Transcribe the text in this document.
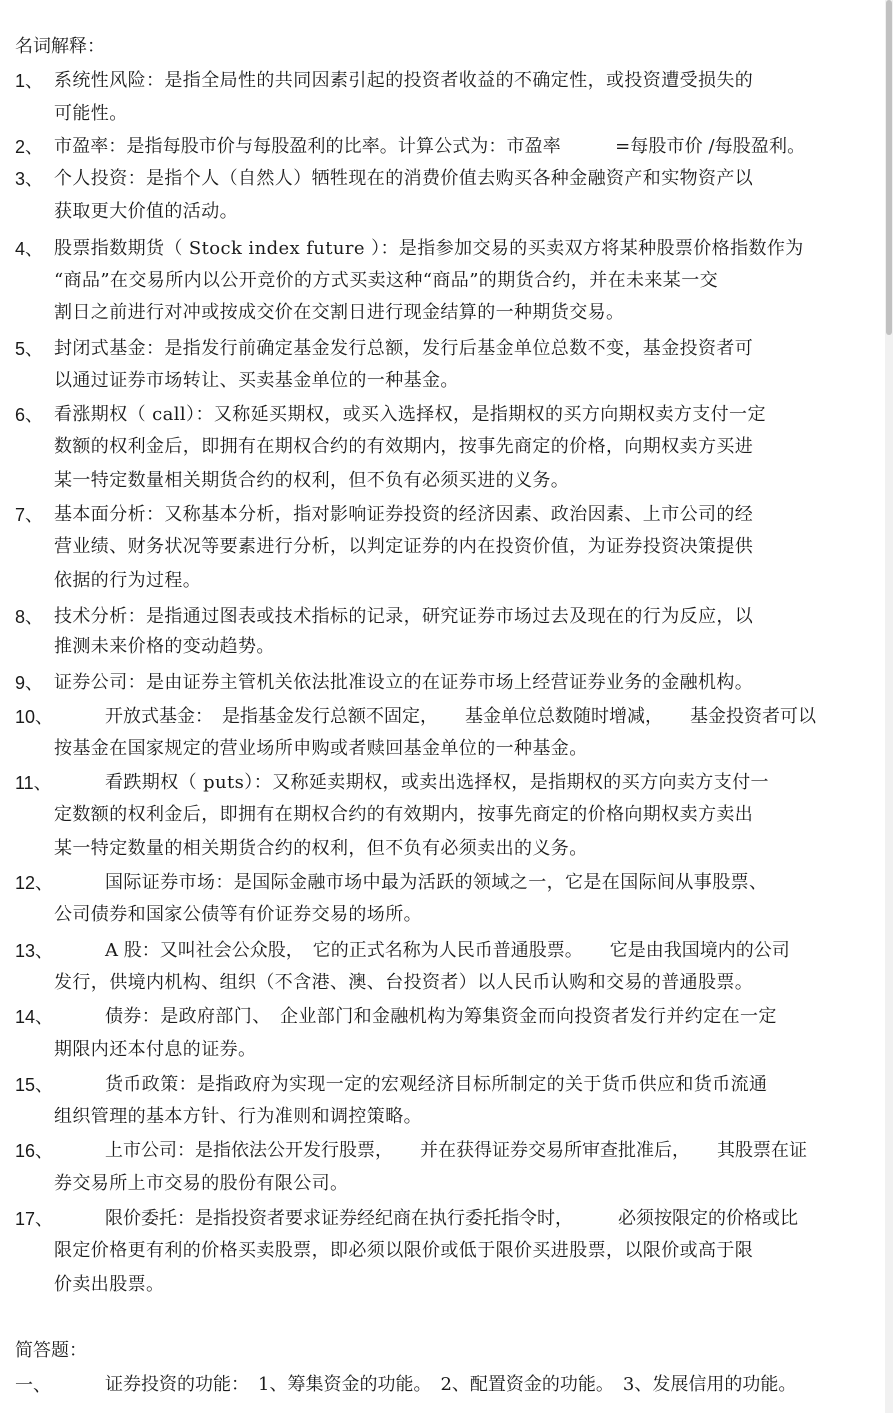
名词解释：
1、 系统性风险：是指全局性的共同因素引起的投资者收益的不确定性，或投资遭受损失的
可能性。
2、 市盈率：是指每股市价与每股盈利的比率。计算公式为：市盈率　　　=每股市价 /每股盈利。
3、 个人投资：是指个人（自然人）牺牲现在的消费价值去购买各种金融资产和实物资产以
获取更大价值的活动。
4、 股票指数期货（ Stock index future ）：是指参加交易的买卖双方将某种股票价格指数作为
“商品”在交易所内以公开竞价的方式买卖这种“商品”的期货合约，并在未来某一交
割日之前进行对冲或按成交价在交割日进行现金结算的一种期货交易。
5、 封闭式基金：是指发行前确定基金发行总额，发行后基金单位总数不变，基金投资者可
以通过证券市场转让、买卖基金单位的一种基金。
6、 看涨期权（ call）：又称延买期权，或买入选择权，是指期权的买方向期权卖方支付一定
数额的权利金后，即拥有在期权合约的有效期内，按事先商定的价格，向期权卖方买进
某一特定数量相关期货合约的权利，但不负有必须买进的义务。
7、 基本面分析：又称基本分析，指对影响证券投资的经济因素、政治因素、上市公司的经
营业绩、财务状况等要素进行分析，以判定证券的内在投资价值，为证券投资决策提供
依据的行为过程。
8、 技术分析：是指通过图表或技术指标的记录，研究证券市场过去及现在的行为反应，以
推测未来价格的变动趋势。
9、 证券公司：是由证券主管机关依法批准设立的在证券市场上经营证券业务的金融机构。
10、	开放式基金：　是指基金发行总额不固定，　　基金单位总数随时增减，　　基金投资者可以
按基金在国家规定的营业场所申购或者赎回基金单位的一种基金。
11、	看跌期权（ puts）：又称延卖期权，或卖出选择权，是指期权的买方向卖方支付一
定数额的权利金后，即拥有在期权合约的有效期内，按事先商定的价格向期权卖方卖出
某一特定数量的相关期货合约的权利，但不负有必须卖出的义务。
12、	国际证券市场：是国际金融市场中最为活跃的领域之一，它是在国际间从事股票、
公司债券和国家公债等有价证券交易的场所。
13、	A 股：又叫社会公众股，　它的正式名称为人民币普通股票。　　它是由我国境内的公司
发行，供境内机构、组织（不含港、澳、台投资者）以人民币认购和交易的普通股票。
14、	债券：是政府部门、　企业部门和金融机构为筹集资金而向投资者发行并约定在一定
期限内还本付息的证券。
15、	货币政策：是指政府为实现一定的宏观经济目标所制定的关于货币供应和货币流通
组织管理的基本方针、行为准则和调控策略。
16、	上市公司：是指依法公开发行股票，　　并在获得证券交易所审查批准后，　　其股票在证
券交易所上市交易的股份有限公司。
17、	限价委托：是指投资者要求证券经纪商在执行委托指令时，　　　必须按限定的价格或比
限定价格更有利的价格买卖股票，即必须以限价或低于限价买进股票，以限价或高于限
价卖出股票。
简答题：
一、	证券投资的功能：　1、筹集资金的功能。　2、配置资金的功能。　3、发展信用的功能。
